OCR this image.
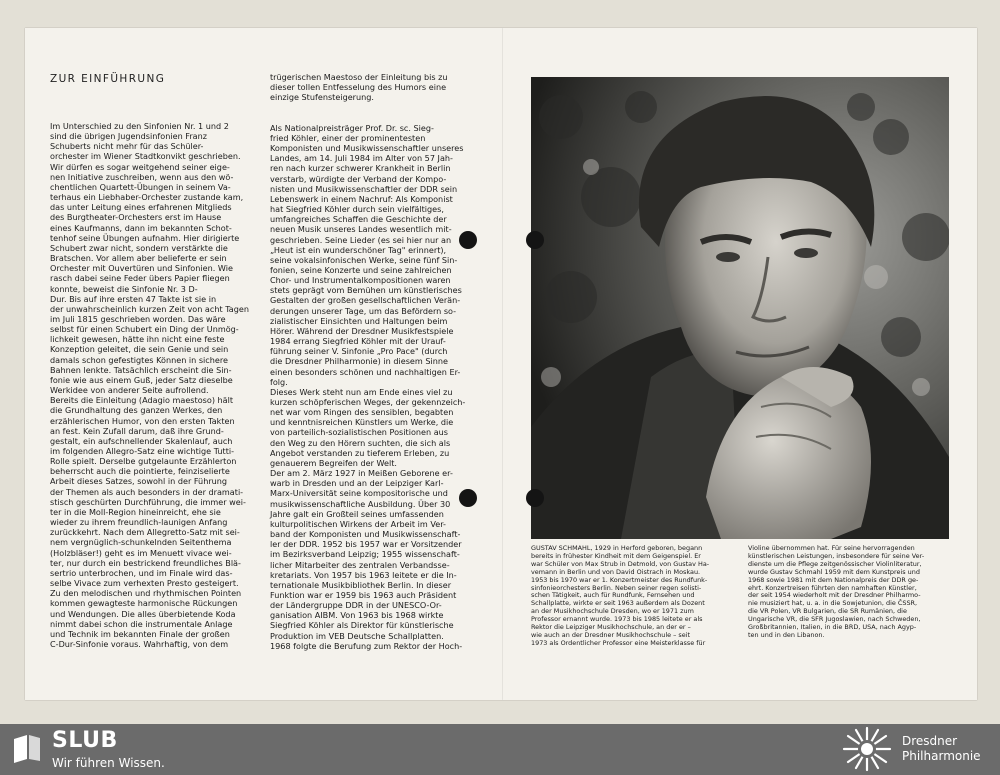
ZUR EINFÜHRUNG
Im Unterschied zu den Sinfonien Nr. 1 und 2
sind die übrigen Jugendsinfonien Franz
Schuberts nicht mehr für das Schüler-
orchester im Wiener Stadtkonvikt geschrieben.
Wir dürfen es sogar weitgehend seiner eige-
nen Initiative zuschreiben, wenn aus den wö-
chentlichen Quartett-Übungen in seinem Va-
terhaus ein Liebhaber-Orchester zustande kam,
das unter Leitung eines erfahrenen Mitglieds
des Burgtheater-Orchesters erst im Hause
eines Kaufmanns, dann im bekannten Schot-
tenhof seine Übungen aufnahm. Hier dirigierte
Schubert zwar nicht, sondern verstärkte die
Bratschen. Vor allem aber belieferte er sein
Orchester mit Ouvertüren und Sinfonien. Wie
rasch dabei seine Feder übers Papier fliegen
konnte, beweist die Sinfonie Nr. 3 D-
Dur. Bis auf ihre ersten 47 Takte ist sie in
der unwahrscheinlich kurzen Zeit von acht Tagen
im Juli 1815 geschrieben worden. Das wäre
selbst für einen Schubert ein Ding der Unmög-
lichkeit gewesen, hätte ihn nicht eine feste
Konzeption geleitet, die sein Genie und sein
damals schon gefestigtes Können in sichere
Bahnen lenkte. Tatsächlich erscheint die Sin-
fonie wie aus einem Guß, jeder Satz dieselbe
Werkidee von anderer Seite aufrollend.
Bereits die Einleitung (Adagio maestoso) hält
die Grundhaltung des ganzen Werkes, den
erzählerischen Humor, von den ersten Takten
an fest. Kein Zufall darum, daß ihre Grund-
gestalt, ein aufschnellender Skalenlauf, auch
im folgenden Allegro-Satz eine wichtige Tutti-
Rolle spielt. Derselbe gutgelaunte Erzählerton
beherrscht auch die pointierte, feinziselierte
Arbeit dieses Satzes, sowohl in der Führung
der Themen als auch besonders in der dramati-
stisch geschürten Durchführung, die immer wei-
ter in die Moll-Region hineinreicht, ehe sie
wieder zu ihrem freundlich-launigen Anfang
zurückkehrt. Nach dem Allegretto-Satz mit sei-
nem vergnüglich-schunkelnden Seitenthema
(Holzbläser!) geht es im Menuett vivace wei-
ter, nur durch ein bestrickend freundliches Blä-
sertrio unterbrochen, und im Finale wird das-
selbe Vivace zum verhexten Presto gesteigert.
Zu den melodischen und rhythmischen Pointen
kommen gewagteste harmonische Rückungen
und Wendungen. Die alles überbietende Koda
nimmt dabei schon die instrumentale Anlage
und Technik im bekannten Finale der großen
C-Dur-Sinfonie voraus. Wahrhaftig, von dem
trügerischen Maestoso der Einleitung bis zu
dieser tollen Entfesselung des Humors eine
einzige Stufensteigerung.

Als Nationalpreisträger Prof. Dr. sc. Sieg-
fried Köhler, einer der prominentesten
Komponisten und Musikwissenschaftler unseres
Landes, am 14. Juli 1984 im Alter von 57 Jah-
ren nach kurzer schwerer Krankheit in Berlin
verstarb, würdigte der Verband der Kompo-
nisten und Musikwissenschaftler der DDR sein
Lebenswerk in einem Nachruf: Als Komponist
hat Siegfried Köhler durch sein vielfältiges,
umfangreiches Schaffen die Geschichte der
neuen Musik unseres Landes wesentlich mit-
geschrieben. Seine Lieder (es sei hier nur an
„Heut ist ein wunderschöner Tag" erinnert),
seine vokalsinfonischen Werke, seine fünf Sin-
fonien, seine Konzerte und seine zahlreichen
Chor- und Instrumentalkompositionen waren
stets geprägt vom Bemühen um künstlerisches
Gestalten der großen gesellschaftlichen Verän-
derungen unserer Tage, um das Befördern so-
zialistischer Einsichten und Haltungen beim
Hörer. Während der Dresdner Musikfestspiele
1984 errang Siegfried Köhler mit der Urauf-
führung seiner V. Sinfonie „Pro Pace" (durch
die Dresdner Philharmonie) in diesem Sinne
einen besonders schönen und nachhaltigen Er-
folg.
Dieses Werk steht nun am Ende eines viel zu
kurzen schöpferischen Weges, der gekennzeich-
net war vom Ringen des sensiblen, begabten
und kenntnisreichen Künstlers um Werke, die
von parteilich-sozialistischen Positionen aus
den Weg zu den Hörern suchten, die sich als
Angebot verstanden zu tieferem Erleben, zu
genauerem Begreifen der Welt.
Der am 2. März 1927 in Meißen Geborene er-
warb in Dresden und an der Leipziger Karl-
Marx-Universität seine kompositorische und
musikwissenschaftliche Ausbildung. Über 30
Jahre galt ein Großteil seines umfassenden
kulturpolitischen Wirkens der Arbeit im Ver-
band der Komponisten und Musikwissenschaft-
ler der DDR. 1952 bis 1957 war er Vorsitzender
im Bezirksverband Leipzig; 1955 wissenschaft-
licher Mitarbeiter des zentralen Verbandsse-
kretariats. Von 1957 bis 1963 leitete er die In-
ternationale Musikbibliothek Berlin. In dieser
Funktion war er 1959 bis 1963 auch Präsident
der Ländergruppe DDR in der UNESCO-Or-
ganisation AIBM. Von 1963 bis 1968 wirkte
Siegfried Köhler als Direktor für künstlerische
Produktion im VEB Deutsche Schallplatten.
1968 folgte die Berufung zum Rektor der Hoch-
GUSTAV SCHMAHL, 1929 in Herford geboren, begann
bereits in frühester Kindheit mit dem Geigenspiel. Er
war Schüler von Max Strub in Detmold, von Gustav Ha-
vemann in Berlin und von David Oistrach in Moskau.
1953 bis 1970 war er 1. Konzertmeister des Rundfunk-
sinfonieorchesters Berlin. Neben seiner regen solisti-
schen Tätigkeit, auch für Rundfunk, Fernsehen und
Schallplatte, wirkte er seit 1963 außerdem als Dozent
an der Musikhochschule Dresden, wo er 1971 zum
Professor ernannt wurde. 1973 bis 1985 leitete er als
Rektor die Leipziger Musikhochschule, an der er –
wie auch an der Dresdner Musikhochschule – seit
1973 als Ordentlicher Professor eine Meisterklasse für
Violine übernommen hat. Für seine hervorragenden
künstlerischen Leistungen, insbesondere für seine Ver-
dienste um die Pflege zeitgenössischer Violinliteratur,
wurde Gustav Schmahl 1959 mit dem Kunstpreis und
1968 sowie 1981 mit dem Nationalpreis der DDR ge-
ehrt. Konzertreisen führten den namhaften Künstler,
der seit 1954 wiederholt mit der Dresdner Philharmo-
nie musiziert hat, u. a. in die Sowjetunion, die ČSSR,
die VR Polen, VR Bulgarien, die SR Rumänien, die
Ungarische VR, die SFR Jugoslawien, nach Schweden,
Großbritannien, Italien, in die BRD, USA, nach Agyp-
ten und in den Libanon.
SLUB
Wir führen Wissen.
Dresdner
Philharmonie
